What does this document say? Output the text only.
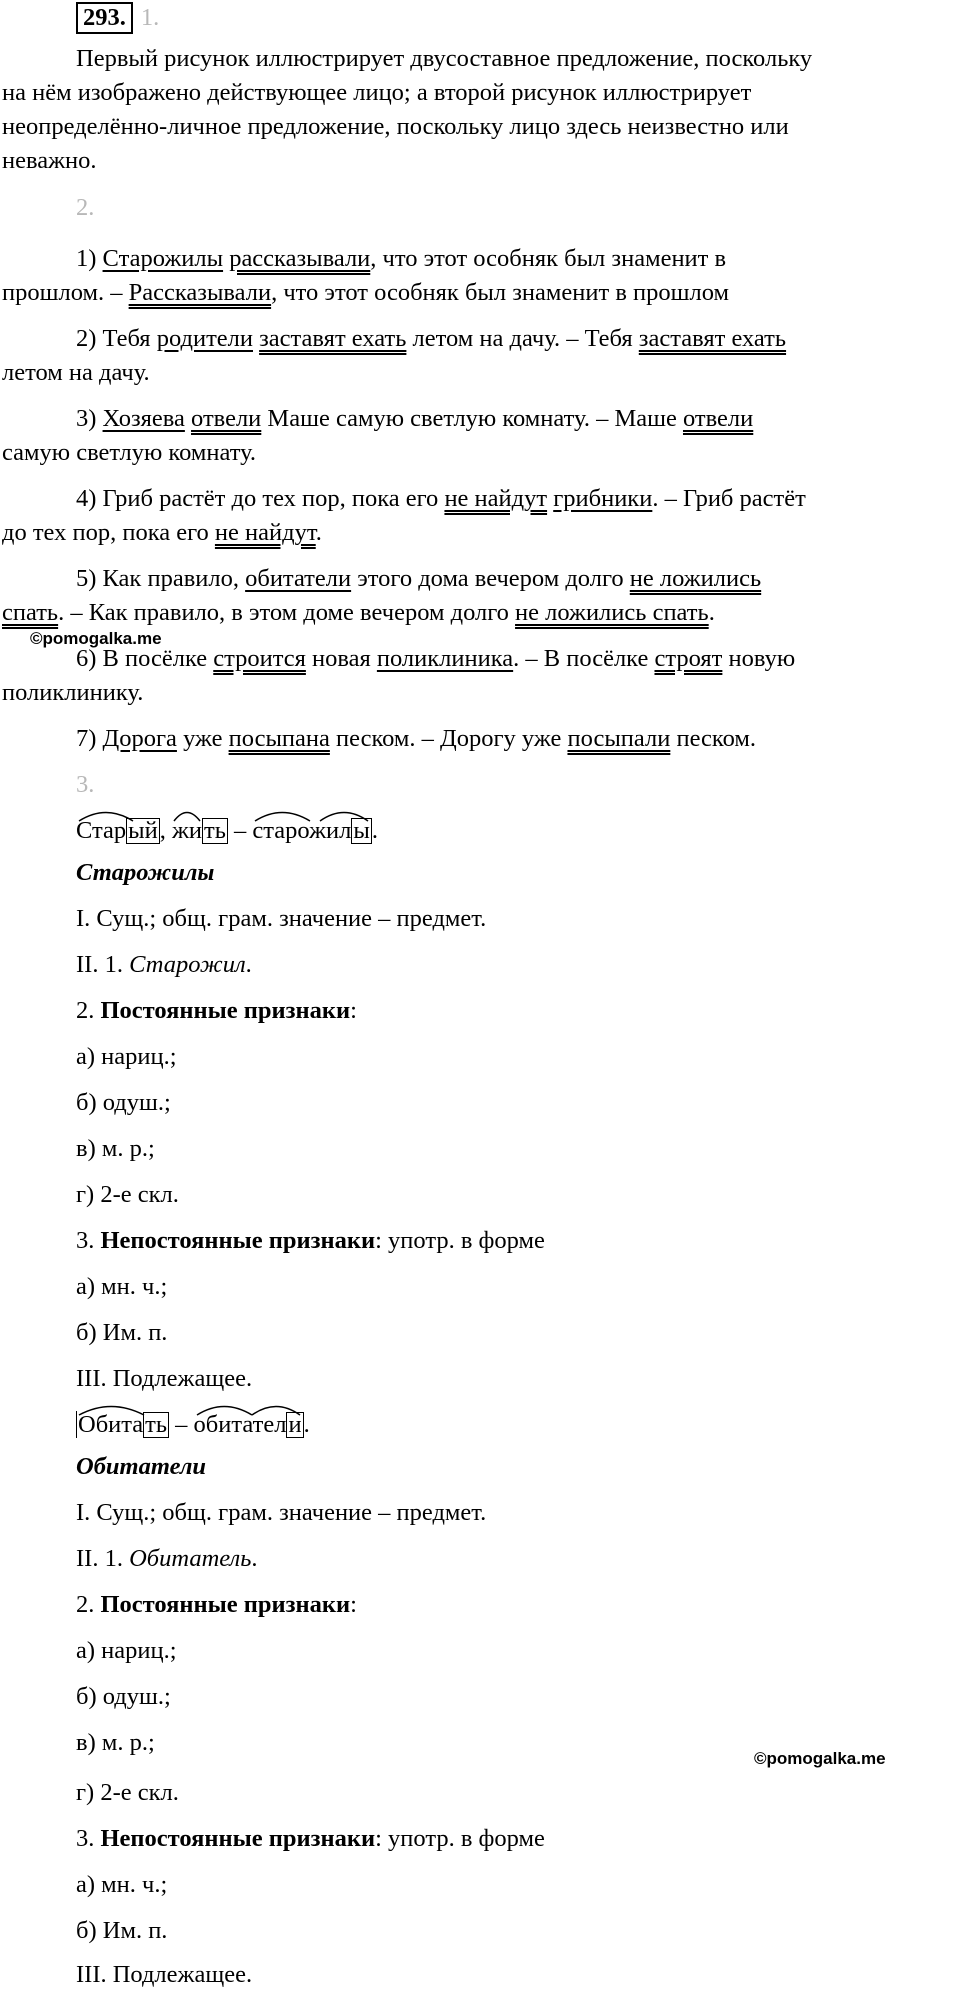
293. 1.
Первый рисунок иллюстрирует двусоставное предложение, поскольку
на нём изображено действующее лицо; а второй рисунок иллюстрирует
неопределённо-личное предложение, поскольку лицо здесь неизвестно или
неважно.
2.
1) Старожилы рассказывали, что этот особняк был знаменит в
прошлом. – Рассказывали, что этот особняк был знаменит в прошлом
2) Тебя родители заставят ехать летом на дачу. – Тебя заставят ехать
летом на дачу.
3) Хозяева отвели Маше самую светлую комнату. – Маше отвели
самую светлую комнату.
4) Гриб растёт до тех пор, пока его не найдут грибники. – Гриб растёт
до тех пор, пока его не найдут.
5) Как правило, обитатели этого дома вечером долго не ложились
спать. – Как правило, в этом доме вечером долго не ложились спать.
©pomogalka.me
6) В посёлке строится новая поликлиника. – В посёлке строят новую
поликлинику.
7) Дорога уже посыпана песком. – Дорогу уже посыпали песком.
3.
Старый,
жить –
старожилы.
Старожилы
I. Сущ.; общ. грам. значение – предмет.
II. 1. Старожил.
2. Постоянные признаки:
а) нариц.;
б) одуш.;
в) м. р.;
г) 2-е скл.
3. Непостоянные признаки: употр. в форме
а) мн. ч.;
б) Им. п.
III. Подлежащее.
Обитать –
обитатели.
Обитатели
I. Сущ.; общ. грам. значение – предмет.
II. 1. Обитатель.
2. Постоянные признаки:
а) нариц.;
б) одуш.;
в) м. р.;
©pomogalka.me
г) 2-е скл.
3. Непостоянные признаки: употр. в форме
а) мн. ч.;
б) Им. п.
III. Подлежащее.
